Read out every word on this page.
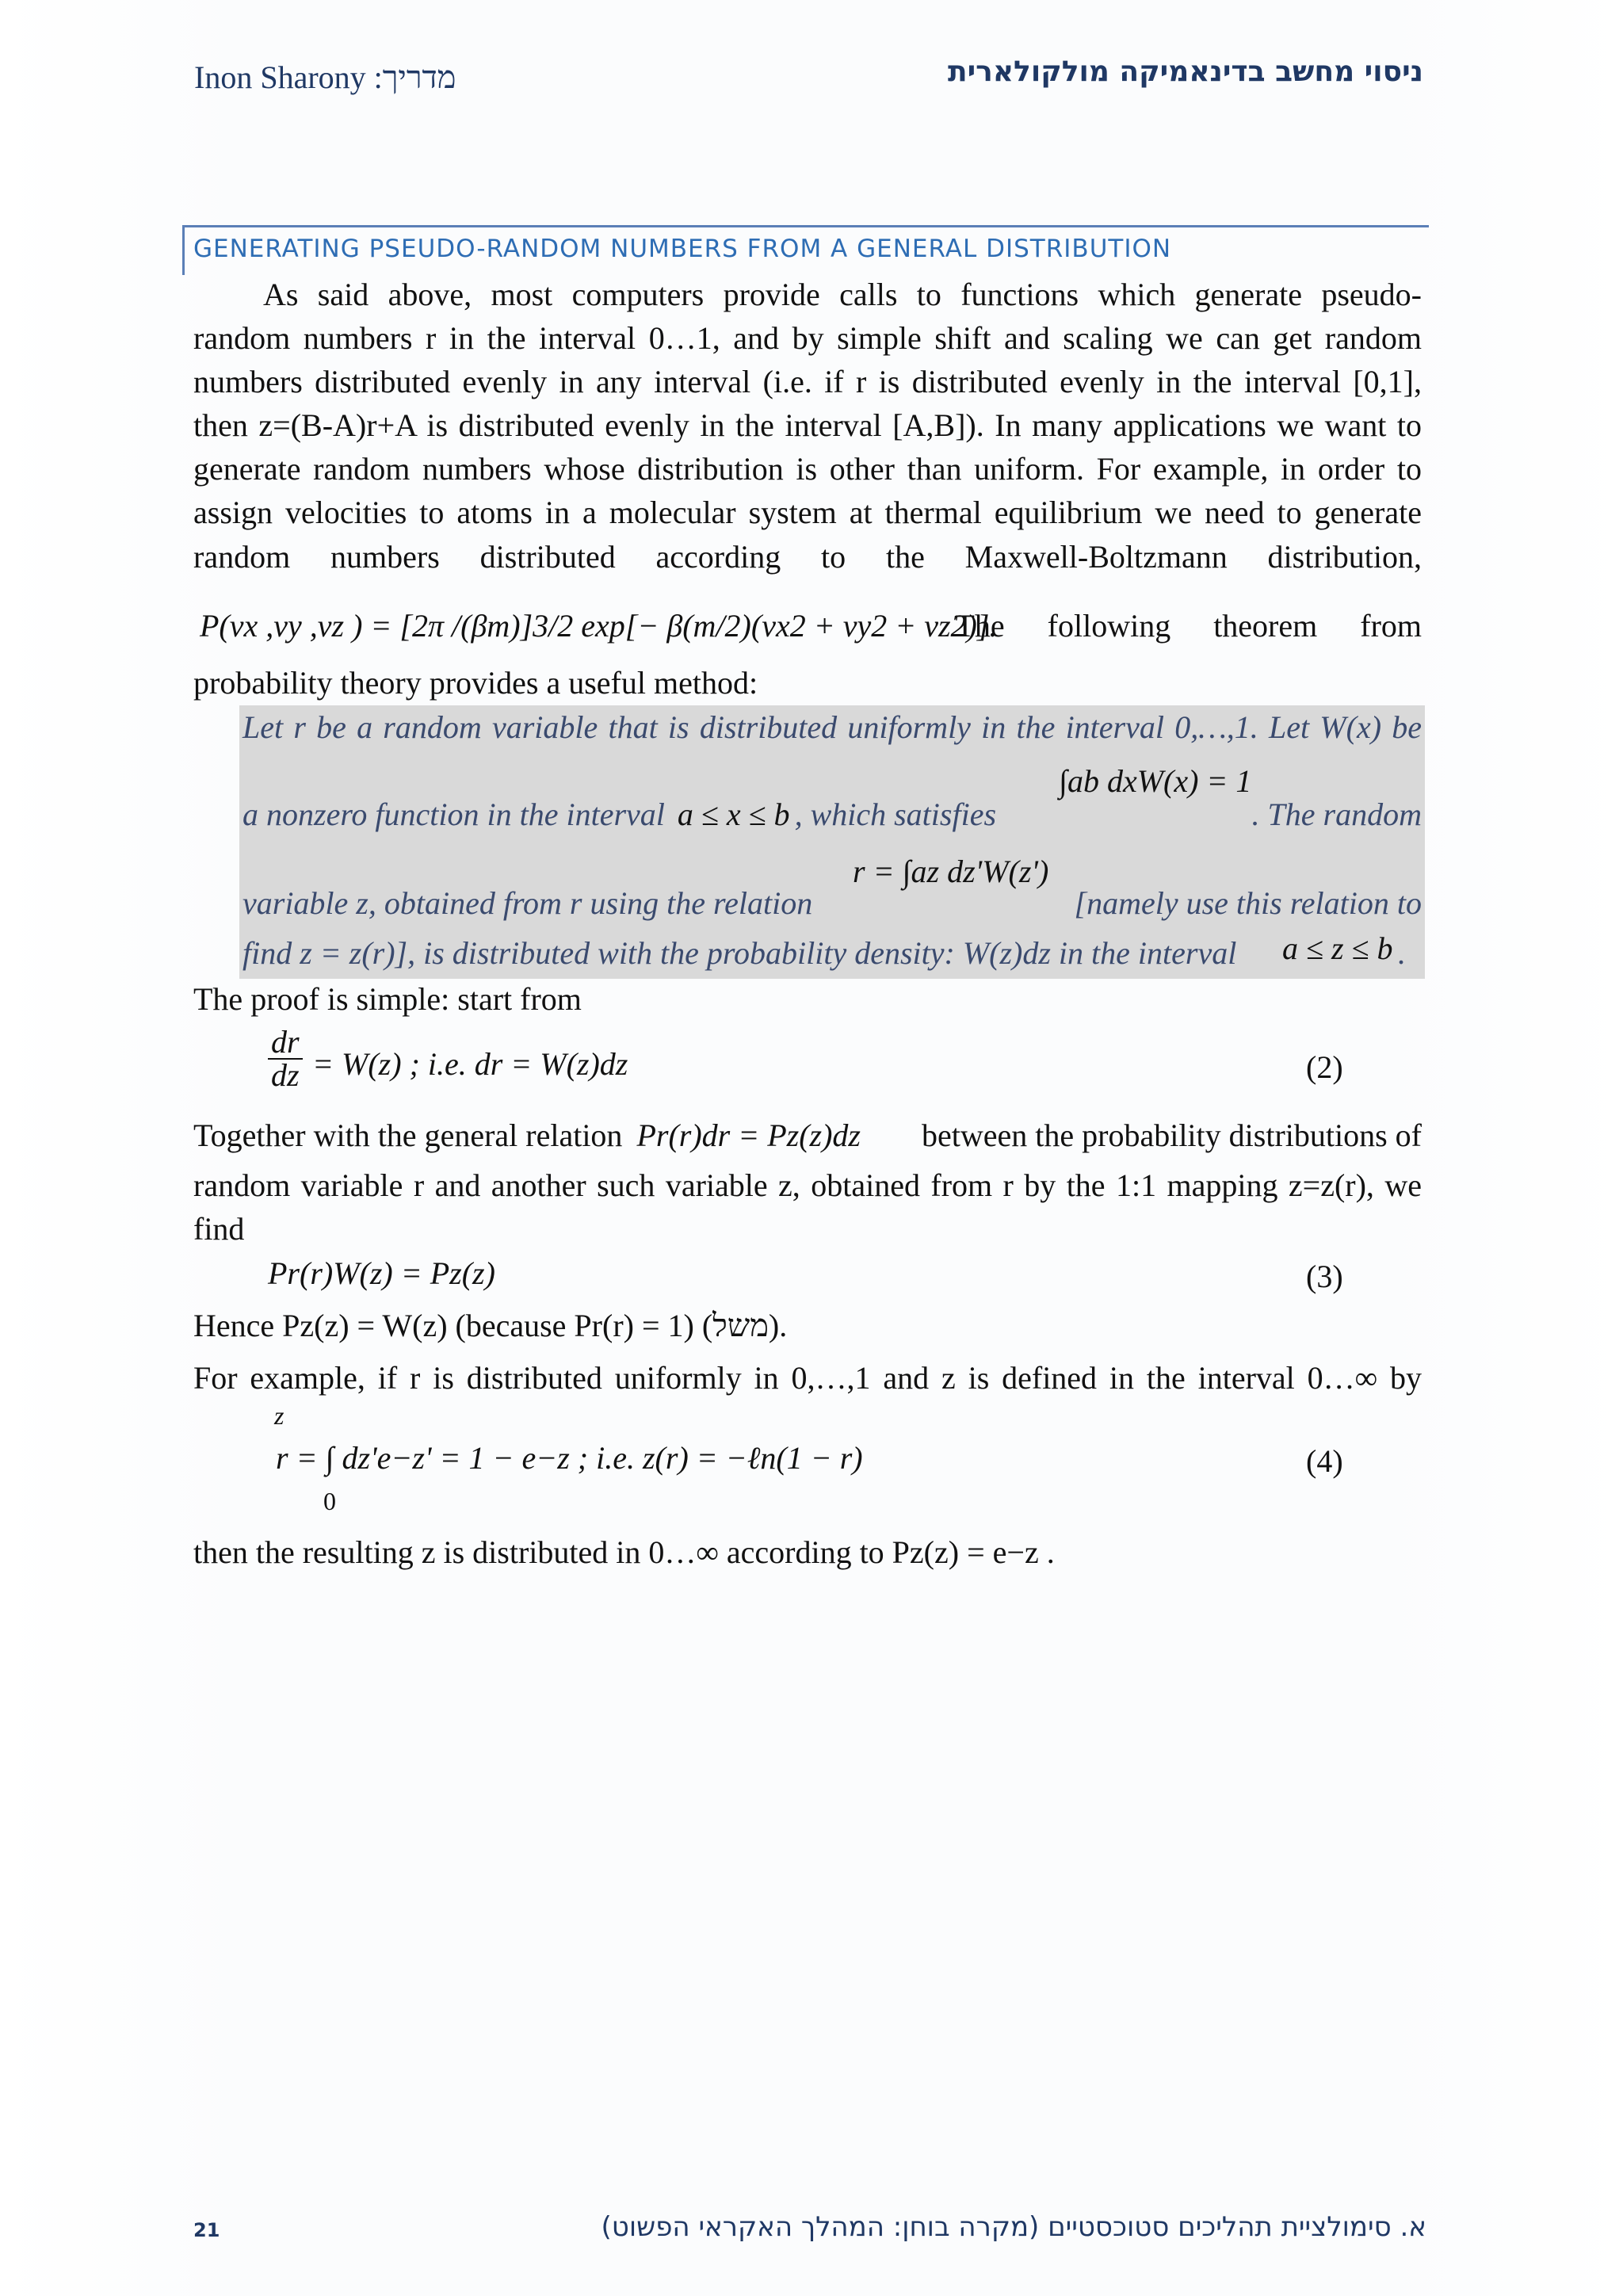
Inon Sharony :מדריך	ניסוי מחשב בדינאמיקה מולקולארית
GENERATING PSEUDO-RANDOM NUMBERS FROM A GENERAL DISTRIBUTION
As said above, most computers provide calls to functions which generate pseudo-
random numbers r in the interval 0…1, and by simple shift and scaling we can get random
numbers distributed evenly in any interval (i.e. if r is distributed evenly in the interval [0,1],
then z=(B-A)r+A is distributed evenly in the interval [A,B]). In many applications we want to
generate random numbers whose distribution is other than uniform. For example, in order to
assign velocities to atoms in a molecular system at thermal equilibrium we need to generate
random numbers distributed according to the Maxwell-Boltzmann distribution,
P(vx ,vy ,vz ) = [2π /(βm)]3/2 exp[− β(m/2)(vx2 + vy2 + vz2)].
The following theorem from
probability theory provides a useful method:
Let r be a random variable that is distributed uniformly in the interval 0,…,1. Let W(x) be
a nonzero function in the interval a ≤ x ≤ b , which satisfies
∫ab dxW(x) = 1
. The random
variable z, obtained from r using the relation
r = ∫az dz'W(z')
[namely use this relation to
find z = z(r)], is distributed with the probability density: W(z)dz in the interval a ≤ z ≤ b .
The proof is simple: start from
$\frac{dr}{dz} = W(z)$ ; i.e. dr = W(z)dz	(2)
Together with the general relation Pr(r)dr = Pz(z)dz between the probability distributions of
random variable r and another such variable z, obtained from r by the 1:1 mapping z=z(r), we
find
Pr(r)W(z) = Pz(z)	(3)
Hence Pz(z) = W(z) (because Pr(r) = 1) (משל).
For example, if r is distributed uniformly in 0,…,1 and z is defined in the interval 0…∞ by
z
r = ∫ dz'e−z' = 1 − e−z ; i.e. z(r) = −ℓn(1 − r)
0
(4)
then the resulting z is distributed in 0…∞ according to Pz(z) = e−z .
21	א. סימולציית תהליכים סטוכסטיים (מקרה בוחן: המהלך האקראי הפשוט)
